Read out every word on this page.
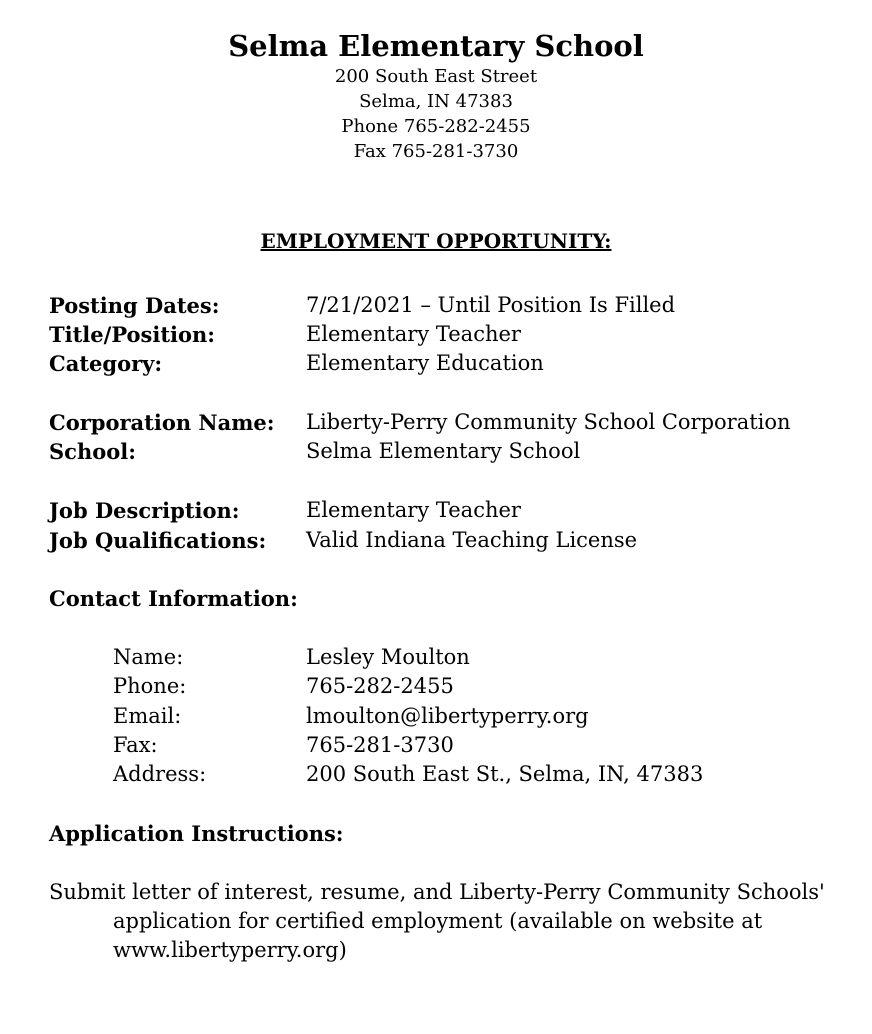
Selma Elementary School

200 South East Street

Selma, IN 47383

Phone 765-282-2455

Fax 765-281-3730

EMPLOYMENT OPPORTUNITY:
Posting Dates:	7/21/2021 – Until Position Is Filled
Title/Position:	Elementary Teacher
Category:	Elementary Education
Corporation Name: Liberty-Perry Community School Corporation
School:	Selma Elementary School
Job Description:	Elementary Teacher
Job Qualifications: Valid Indiana Teaching License
Contact Information:
Name:	Lesley Moulton
Phone:	765-282-2455
Email:	lmoulton@libertyperry.org
Fax:	765-281-3730
Address:	200 South East St., Selma, IN, 47383
Application Instructions:
Submit letter of interest, resume, and Liberty-Perry Community Schools' application for certified employment (available on website at www.libertyperry.org)
